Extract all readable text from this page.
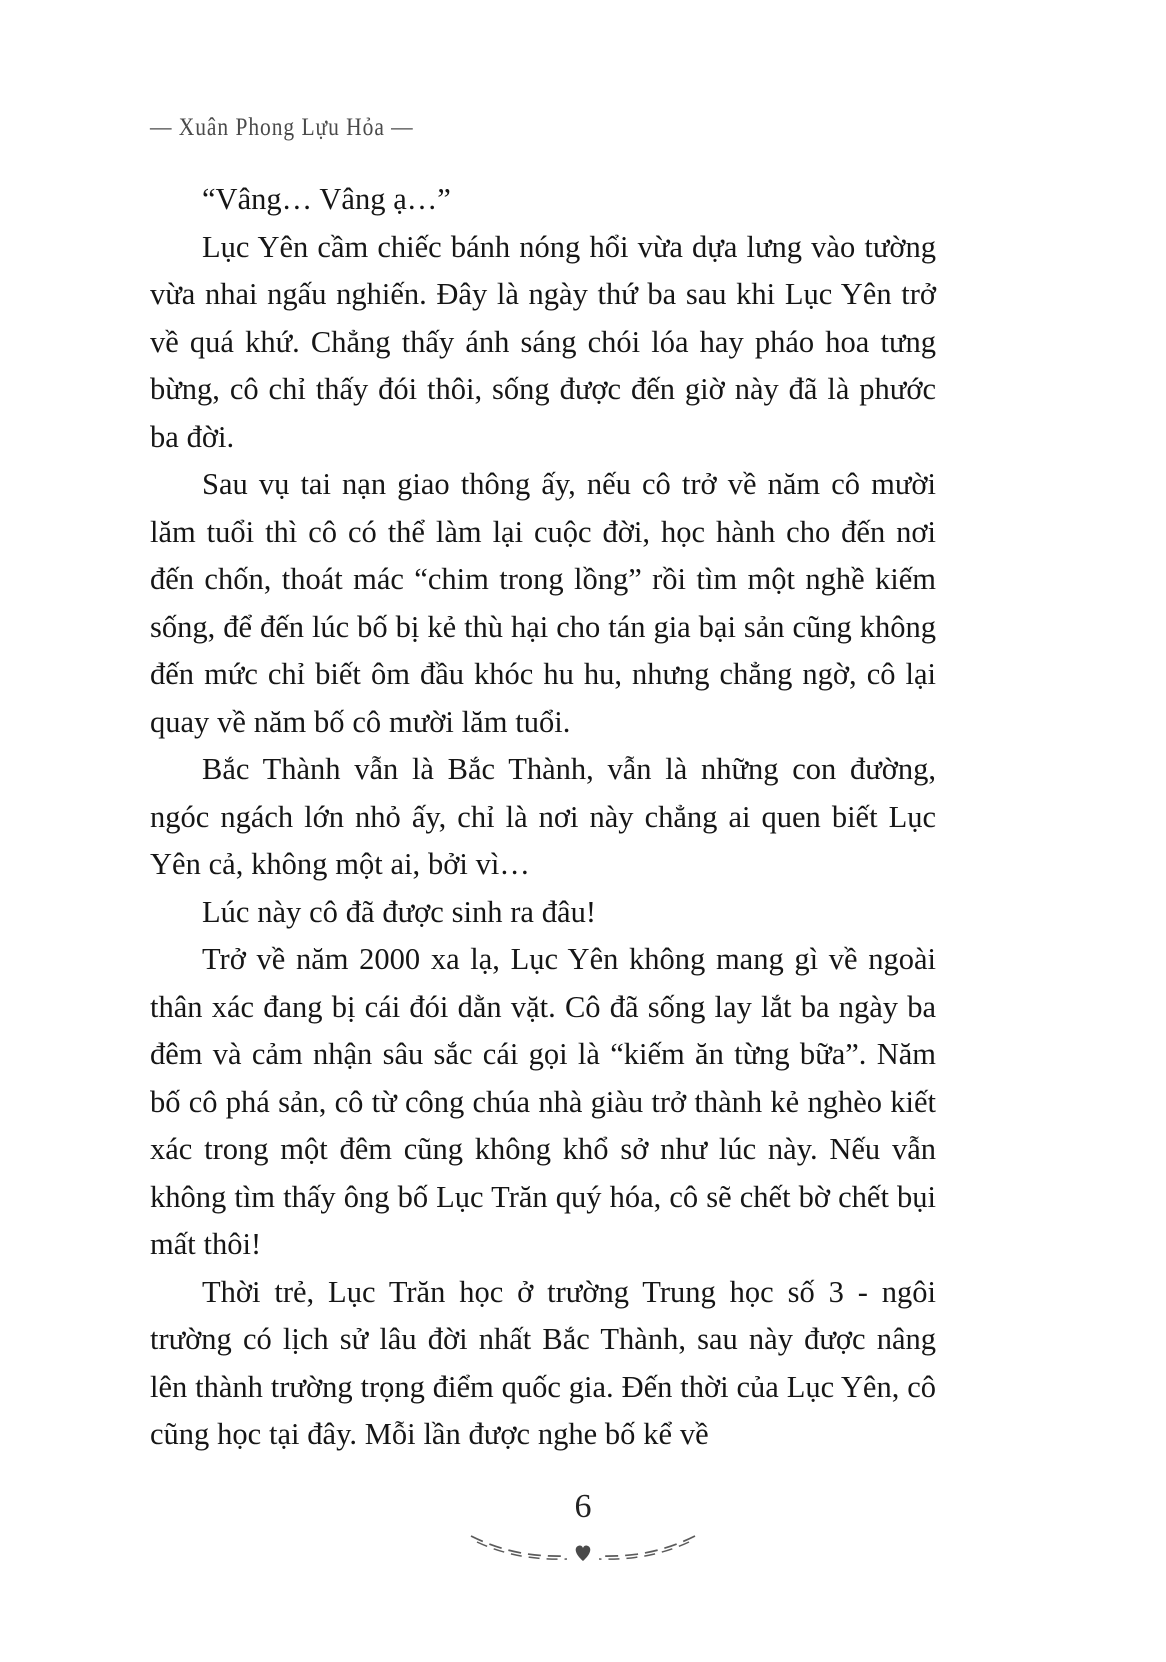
— Xuân Phong Lựu Hỏa —

“Vâng… Vâng ạ…”

Lục Yên cầm chiếc bánh nóng hổi vừa dựa lưng vào tường vừa nhai ngấu nghiến. Đây là ngày thứ ba sau khi Lục Yên trở về quá khứ. Chẳng thấy ánh sáng chói lóa hay pháo hoa tưng bừng, cô chỉ thấy đói thôi, sống được đến giờ này đã là phước ba đời.

Sau vụ tai nạn giao thông ấy, nếu cô trở về năm cô mười lăm tuổi thì cô có thể làm lại cuộc đời, học hành cho đến nơi đến chốn, thoát mác “chim trong lồng” rồi tìm một nghề kiếm sống, để đến lúc bố bị kẻ thù hại cho tán gia bại sản cũng không đến mức chỉ biết ôm đầu khóc hu hu, nhưng chẳng ngờ, cô lại quay về năm bố cô mười lăm tuổi.

Bắc Thành vẫn là Bắc Thành, vẫn là những con đường, ngóc ngách lớn nhỏ ấy, chỉ là nơi này chẳng ai quen biết Lục Yên cả, không một ai, bởi vì…

Lúc này cô đã được sinh ra đâu!

Trở về năm 2000 xa lạ, Lục Yên không mang gì về ngoài thân xác đang bị cái đói dằn vặt. Cô đã sống lay lắt ba ngày ba đêm và cảm nhận sâu sắc cái gọi là “kiếm ăn từng bữa”. Năm bố cô phá sản, cô từ công chúa nhà giàu trở thành kẻ nghèo kiết xác trong một đêm cũng không khổ sở như lúc này. Nếu vẫn không tìm thấy ông bố Lục Trăn quý hóa, cô sẽ chết bờ chết bụi mất thôi!

Thời trẻ, Lục Trăn học ở trường Trung học số 3 - ngôi trường có lịch sử lâu đời nhất Bắc Thành, sau này được nâng lên thành trường trọng điểm quốc gia. Đến thời của Lục Yên, cô cũng học tại đây. Mỗi lần được nghe bố kể về

6
